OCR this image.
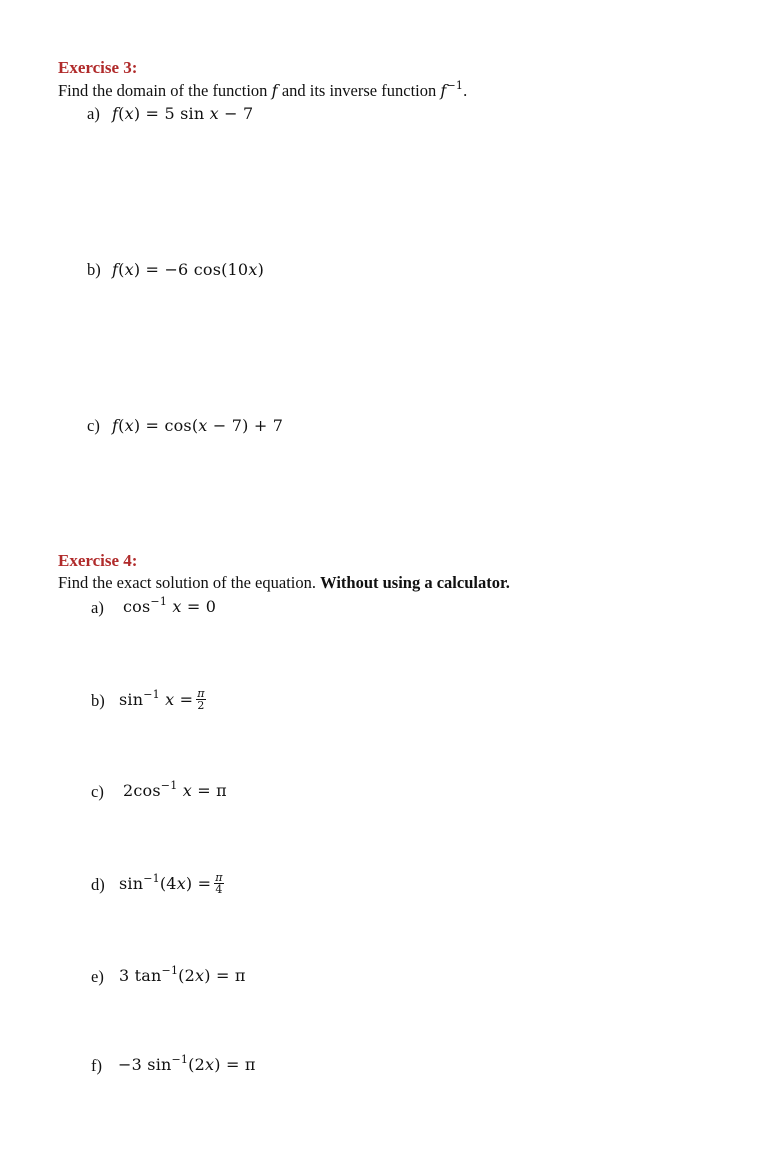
Exercise 3:
Find the domain of the function f and its inverse function $f^{-1}$.
a) f(x) = 5 sin x − 7
b) f(x) = −6 cos(10x)
c) f(x) = cos(x − 7) + 7
Exercise 4:
Find the exact solution of the equation. Without using a calculator.
a)	$\cos^{-1} x = 0$
b) $\sin^{-1} x = \frac{\pi}{2}$
c)	$2\cos^{-1}$ x = π
d) $\sin^{-1}(4x) = \frac{\pi}{4}$
e) 3 $\tan^{-1}(2x) = \pi$
f)	−3 $\sin^{-1}(2x) = \pi$
